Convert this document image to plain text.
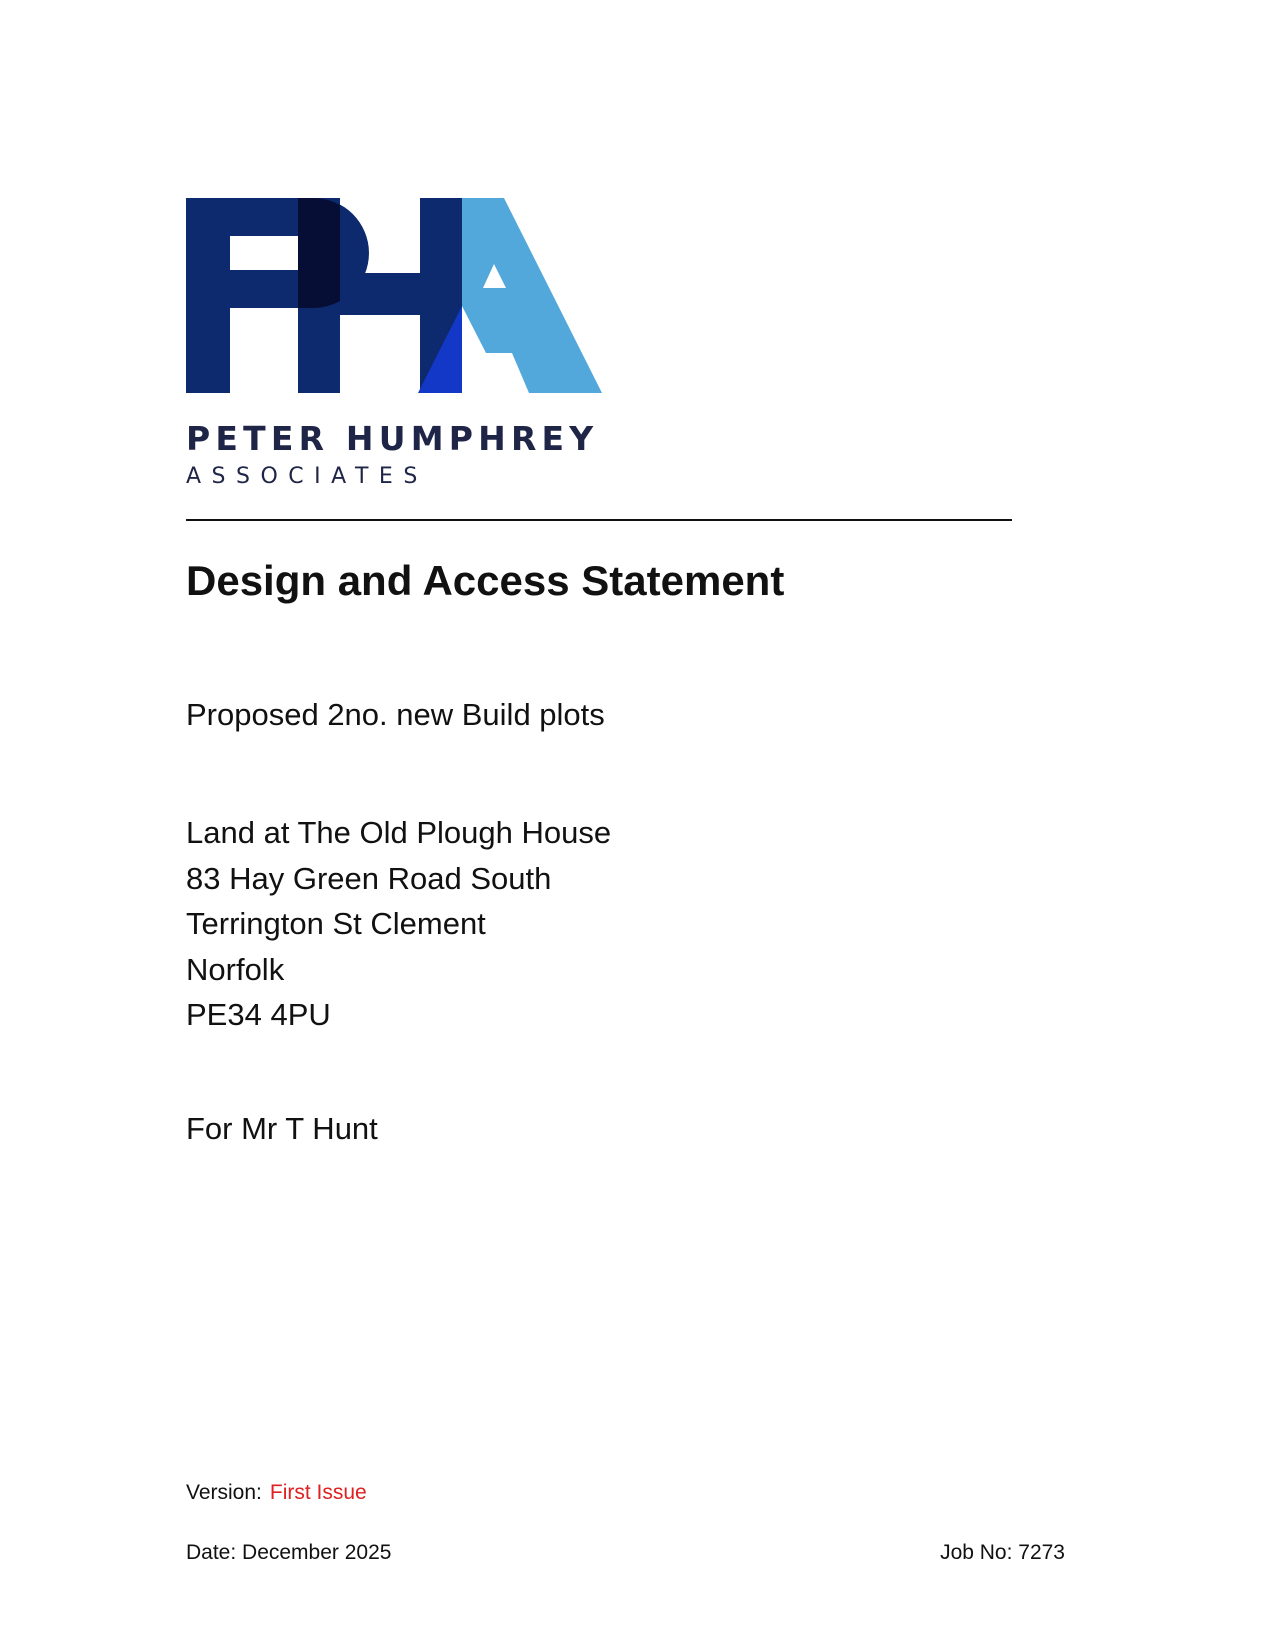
PETER HUMPHREY
ASSOCIATES
Design and Access Statement
Proposed 2no. new Build plots
Land at The Old Plough House
83 Hay Green Road South
Terrington St Clement
Norfolk
PE34 4PU
For Mr T Hunt
Version: First Issue
Date: December 2025	Job No: 7273
